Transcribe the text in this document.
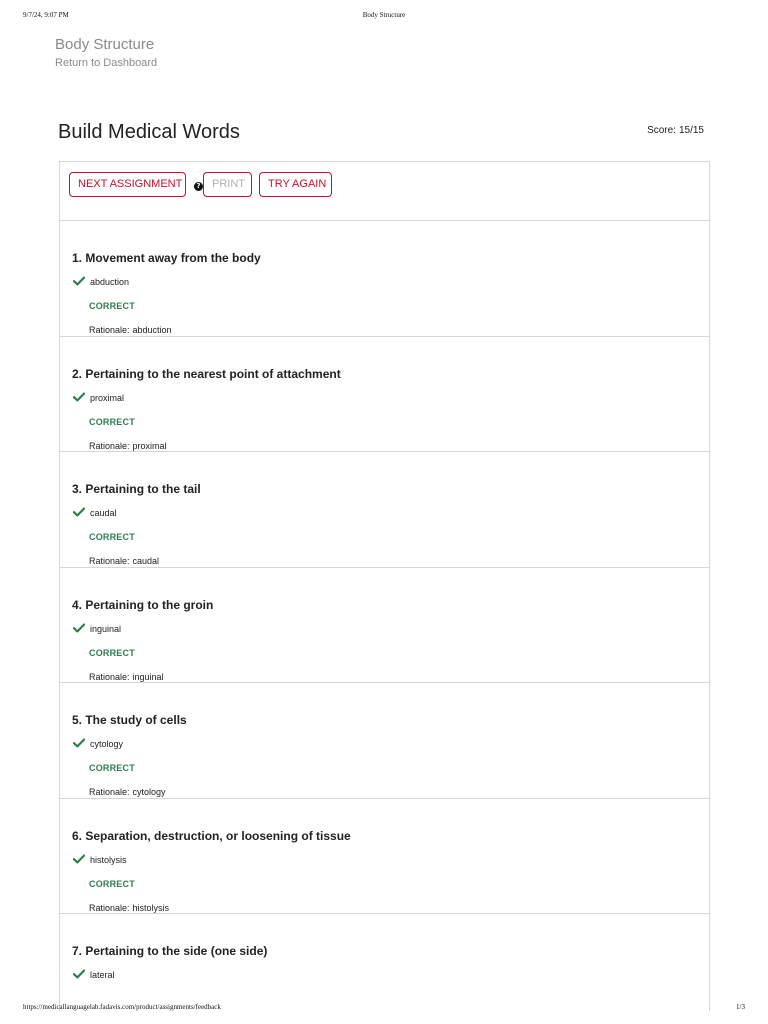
9/7/24, 9:07 PM	Body Structure
Body Structure
Return to Dashboard
Build Medical Words	Score: 15/15
NEXT ASSIGNMENT	?	PRINT	TRY AGAIN
1. Movement away from the body
abduction
CORRECT
Rationale: abduction
2. Pertaining to the nearest point of attachment
proximal
CORRECT
Rationale: proximal
3. Pertaining to the tail
caudal
CORRECT
Rationale: caudal
4. Pertaining to the groin
inguinal
CORRECT
Rationale: inguinal
5. The study of cells
cytology
CORRECT
Rationale: cytology
6. Separation, destruction, or loosening of tissue
histolysis
CORRECT
Rationale: histolysis
7. Pertaining to the side (one side)
lateral
https://medicallanguagelab.fadavis.com/product/assignments/feedback	1/3
